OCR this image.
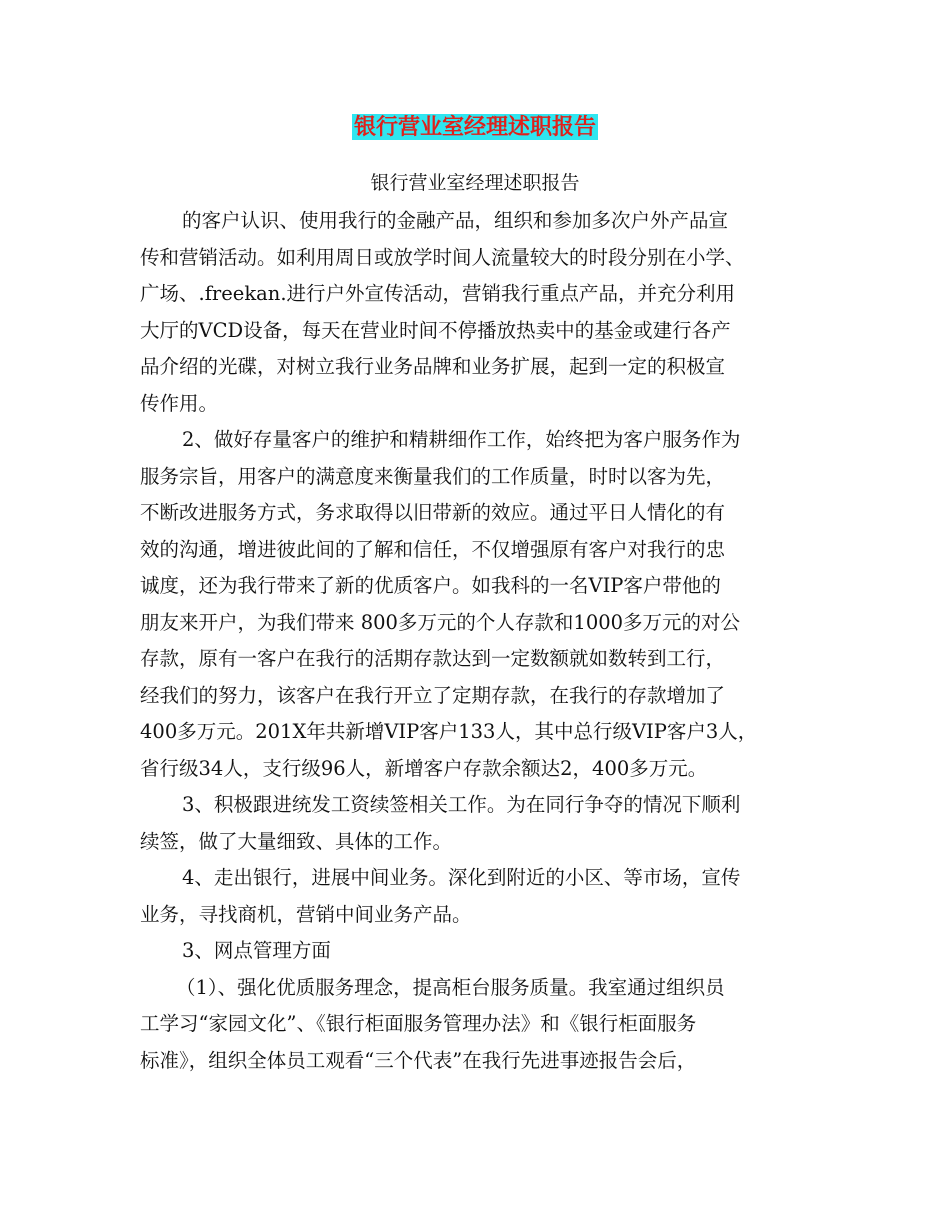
银行营业室经理述职报告
银行营业室经理述职报告
的客户认识、使用我行的金融产品，组织和参加多次户外产品宣
传和营销活动。如利用周日或放学时间人流量较大的时段分别在小学、
广场、.freekan.进行户外宣传活动，营销我行重点产品，并充分利用
大厅的VCD设备，每天在营业时间不停播放热卖中的基金或建行各产
品介绍的光碟，对树立我行业务品牌和业务扩展，起到一定的积极宣
传作用。
2、做好存量客户的维护和精耕细作工作，始终把为客户服务作为
服务宗旨，用客户的满意度来衡量我们的工作质量，时时以客为先，
不断改进服务方式，务求取得以旧带新的效应。通过平日人情化的有
效的沟通，增进彼此间的了解和信任，不仅增强原有客户对我行的忠
诚度，还为我行带来了新的优质客户。如我科的一名VIP客户带他的
朋友来开户，为我们带来 800多万元的个人存款和1000多万元的对公
存款，原有一客户在我行的活期存款达到一定数额就如数转到工行，
经我们的努力，该客户在我行开立了定期存款，在我行的存款增加了
400多万元。201X年共新增VIP客户133人，其中总行级VIP客户3人，
省行级34人，支行级96人，新增客户存款余额达2，400多万元。
3、积极跟进统发工资续签相关工作。为在同行争夺的情况下顺利
续签，做了大量细致、具体的工作。
4、走出银行，进展中间业务。深化到附近的小区、等市场，宣传
业务，寻找商机，营销中间业务产品。
3、网点管理方面
（1）、强化优质服务理念，提高柜台服务质量。我室通过组织员
工学习“家园文化”、《银行柜面服务管理办法》和《银行柜面服务
标准》，组织全体员工观看“三个代表”在我行先进事迹报告会后，
